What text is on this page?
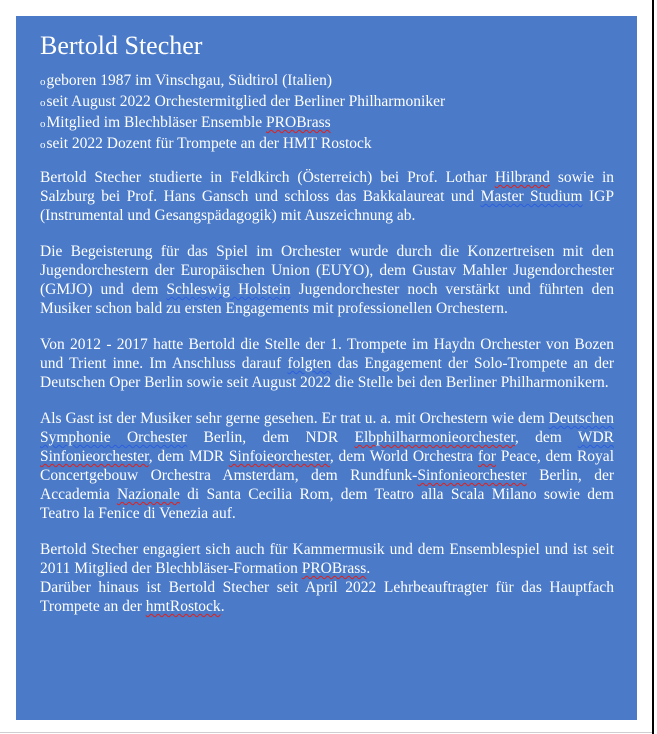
Bertold Stecher
ogeboren 1987 im Vinschgau, Südtirol (Italien)
oseit August 2022 Orchestermitglied der Berliner Philharmoniker
oMitglied im Blechbläser Ensemble PROBrass
oseit 2022 Dozent für Trompete an der HMT Rostock
Bertold Stecher studierte in Feldkirch (Österreich) bei Prof. Lothar Hilbrand sowie in Salzburg bei Prof. Hans Gansch und schloss das Bakkalaureat und Master Studium IGP (Instrumental und Gesangspädagogik) mit Auszeichnung ab.
Die Begeisterung für das Spiel im Orchester wurde durch die Konzertreisen mit den Jugendorchestern der Europäischen Union (EUYO), dem Gustav Mahler Jugendorchester (GMJO) und dem Schleswig Holstein Jugendorchester noch verstärkt und führten den Musiker schon bald zu ersten Engagements mit professionellen Orchestern.
Von 2012 - 2017 hatte Bertold die Stelle der 1. Trompete im Haydn Orchester von Bozen und Trient inne. Im Anschluss darauf folgten das Engagement der Solo-Trompete an der Deutschen Oper Berlin sowie seit August 2022 die Stelle bei den Berliner Philharmonikern.
Als Gast ist der Musiker sehr gerne gesehen. Er trat u. a. mit Orchestern wie dem Deutschen Symphonie Orchester Berlin, dem NDR Elbphilharmonieorchester, dem WDR Sinfonieorchester, dem MDR Sinfoieorchester, dem World Orchestra for Peace, dem Royal Concertgebouw Orchestra Amsterdam, dem Rundfunk-Sinfonieorchester Berlin, der Accademia Nazionale di Santa Cecilia Rom, dem Teatro alla Scala Milano sowie dem Teatro la Fenice di Venezia auf.
Bertold Stecher engagiert sich auch für Kammermusik und dem Ensemblespiel und ist seit 2011 Mitglied der Blechbläser-Formation PROBrass.
Darüber hinaus ist Bertold Stecher seit April 2022 Lehrbeauftragter für das Hauptfach Trompete an der hmtRostock.
